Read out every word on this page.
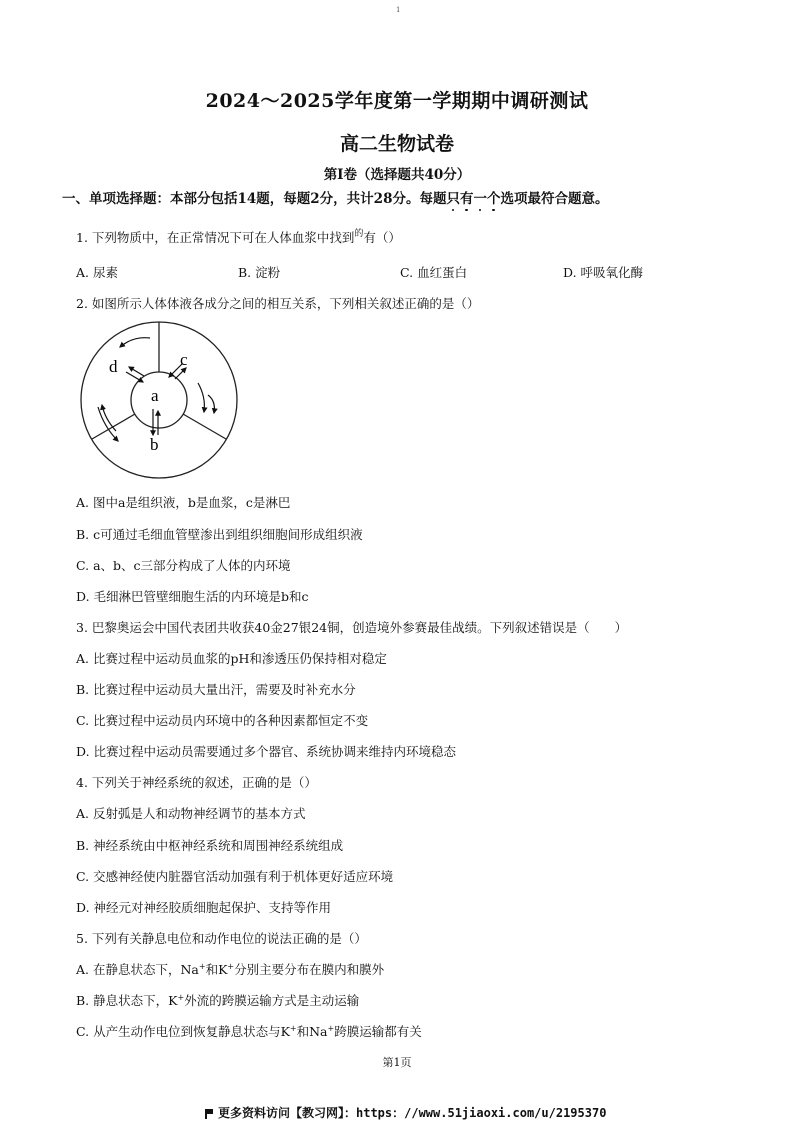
1
2024～2025学年度第一学期期中调研测试
高二生物试卷
第Ⅰ卷（选择题共40分）
一、单项选择题：本部分包括14题，每题2分，共计28分。每题只有一个选项最符合题意。
1. 下列物质中，在正常情况下可在人体血浆中找到$^的$有（）
A. 尿素	B. 淀粉	C. 血红蛋白	D. 呼吸氧化酶
2. 如图所示人体体液各成分之间的相互关系，下列相关叙述正确的是（）
a
b
c
d
A. 图中a是组织液，b是血浆，c是淋巴
B. c可通过毛细血管壁渗出到组织细胞间形成组织液
C. a、b、c三部分构成了人体的内环境
D. 毛细淋巴管壁细胞生活的内环境是b和c
3. 巴黎奥运会中国代表团共收获40金27银24铜，创造境外参赛最佳战绩。下列叙述错误是（　　）
A. 比赛过程中运动员血浆的pH和渗透压仍保持相对稳定
B. 比赛过程中运动员大量出汗，需要及时补充水分
C. 比赛过程中运动员内环境中的各种因素都恒定不变
D. 比赛过程中运动员需要通过多个器官、系统协调来维持内环境稳态
4. 下列关于神经系统的叙述，正确的是（）
A. 反射弧是人和动物神经调节的基本方式
B. 神经系统由中枢神经系统和周围神经系统组成
C. 交感神经使内脏器官活动加强有利于机体更好适应环境
D. 神经元对神经胶质细胞起保护、支持等作用
5. 下列有关静息电位和动作电位的说法正确的是（）
A. 在静息状态下，Na+和K+分别主要分布在膜内和膜外
B. 静息状态下，K+外流的跨膜运输方式是主动运输
C. 从产生动作电位到恢复静息状态与K+和Na+跨膜运输都有关
第1页
更多资料访问【教习网】：https：//www.51jiaoxi.com/u/2195370
